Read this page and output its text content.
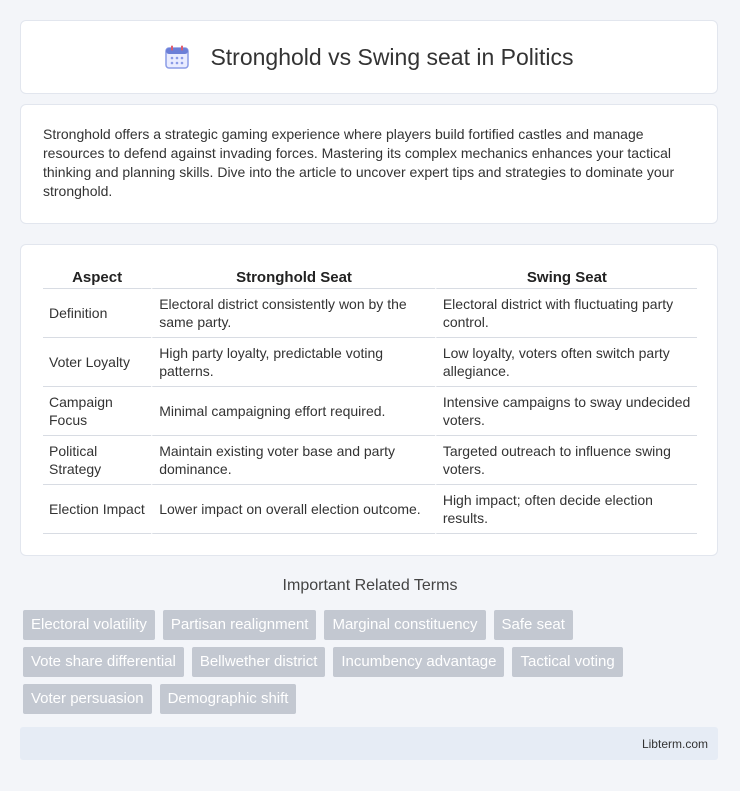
Stronghold vs Swing seat in Politics

Stronghold offers a strategic gaming experience where players build fortified castles and manage resources to defend against invading forces. Mastering its complex mechanics enhances your tactical thinking and planning skills. Dive into the article to uncover expert tips and strategies to dominate your stronghold.

Aspect	Stronghold Seat	Swing Seat
Definition	Electoral district consistently won by the same party.	Electoral district with fluctuating party control.
Voter Loyalty	High party loyalty, predictable voting patterns.	Low loyalty, voters often switch party allegiance.
Campaign Focus	Minimal campaigning effort required.	Intensive campaigns to sway undecided voters.
Political Strategy	Maintain existing voter base and party dominance.	Targeted outreach to influence swing voters.
Election Impact	Lower impact on overall election outcome.	High impact; often decide election results.
Important Related Terms
Electoral volatility	Partisan realignment	Marginal constituency	Safe seat
Vote share differential	Bellwether district	Incumbency advantage	Tactical voting
Voter persuasion	Demographic shift
Libterm.com
